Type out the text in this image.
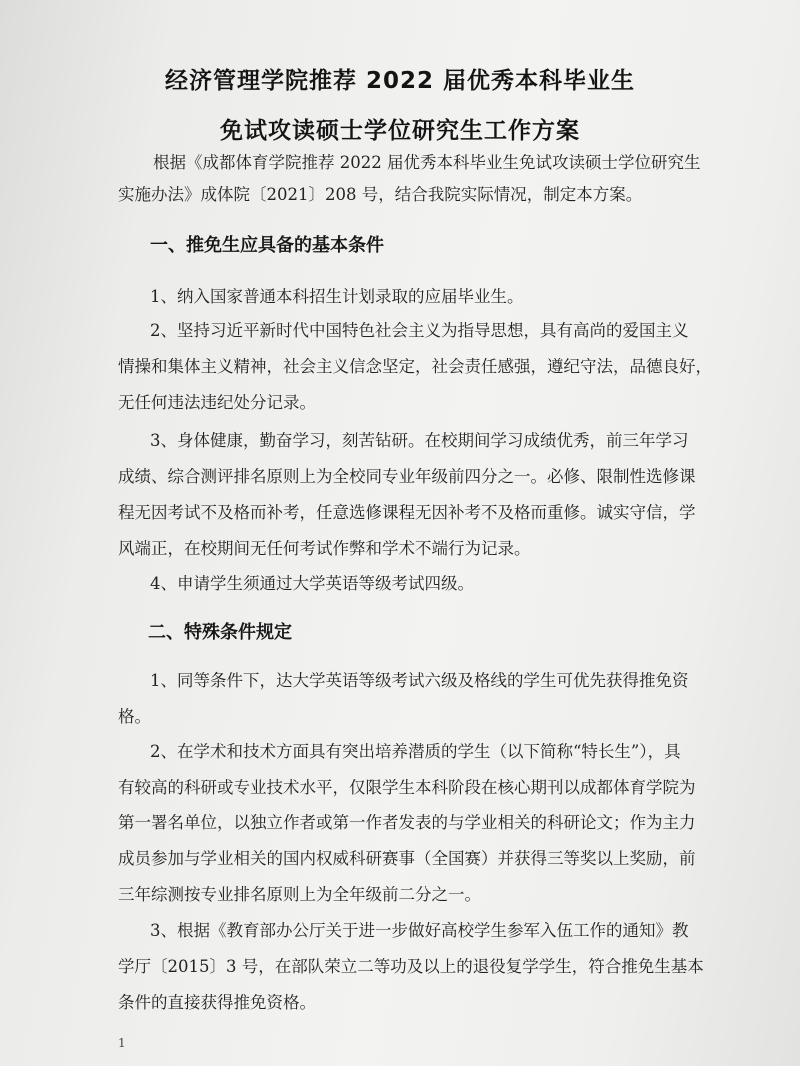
经济管理学院推荐 2022 届优秀本科毕业生
免试攻读硕士学位研究生工作方案
根据《成都体育学院推荐 2022 届优秀本科毕业生免试攻读硕士学位研究生
实施办法》成体院〔2021〕208 号，结合我院实际情况，制定本方案。
一、推免生应具备的基本条件
1、纳入国家普通本科招生计划录取的应届毕业生。
2、坚持习近平新时代中国特色社会主义为指导思想，具有高尚的爱国主义
情操和集体主义精神，社会主义信念坚定，社会责任感强，遵纪守法，品德良好，
无任何违法违纪处分记录。
3、身体健康，勤奋学习，刻苦钻研。在校期间学习成绩优秀，前三年学习
成绩、综合测评排名原则上为全校同专业年级前四分之一。必修、限制性选修课
程无因考试不及格而补考，任意选修课程无因补考不及格而重修。诚实守信，学
风端正，在校期间无任何考试作弊和学术不端行为记录。
4、申请学生须通过大学英语等级考试四级。
二、特殊条件规定
1、同等条件下，达大学英语等级考试六级及格线的学生可优先获得推免资
格。
2、在学术和技术方面具有突出培养潜质的学生（以下简称“特长生”），具
有较高的科研或专业技术水平，仅限学生本科阶段在核心期刊以成都体育学院为
第一署名单位，以独立作者或第一作者发表的与学业相关的科研论文；作为主力
成员参加与学业相关的国内权威科研赛事（全国赛）并获得三等奖以上奖励，前
三年综测按专业排名原则上为全年级前二分之一。
3、根据《教育部办公厅关于进一步做好高校学生参军入伍工作的通知》教
学厅〔2015〕3 号，在部队荣立二等功及以上的退役复学学生，符合推免生基本
条件的直接获得推免资格。
1
